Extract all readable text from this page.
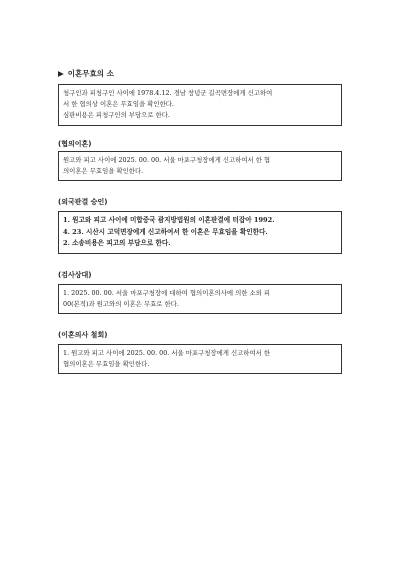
▶ 이혼무효의 소

청구인과 피청구인 사이에 1978.4.12. 경남 창녕군 길곡면장에게 신고하여

서 한 협의상 이혼은 무효임을 확인한다.

심판비용은 피청구인의 부담으로 한다.

(협의이혼)

원고와 피고 사이에 2025. 00. 00. 서울 마포구청장에게 신고하여서 한 협

의이혼은 무효임을 확인한다.

(외국판결 승인)

1. 원고와 피고 사이에 미합중국 괌지방법원의 이혼판결에 터잡아 1992.

4. 23. 시산시 고덕면장에게 신고하여서 한 이혼은 무효임을 확인한다.

2. 소송비용은 피고의 부담으로 한다.

(검사상대)

1. 2025. 00. 00. 서울 마포구청장에 대하여 협의이혼의사에 의한 소외 피

00(본적)과 원고와의 이혼은 무효로 한다.

(이혼의사 철회)

1. 원고와 피고 사이에 2025. 00. 00. 서울 마포구청장에게 신고하여서 한

협의이혼은 무효임을 확인한다.
